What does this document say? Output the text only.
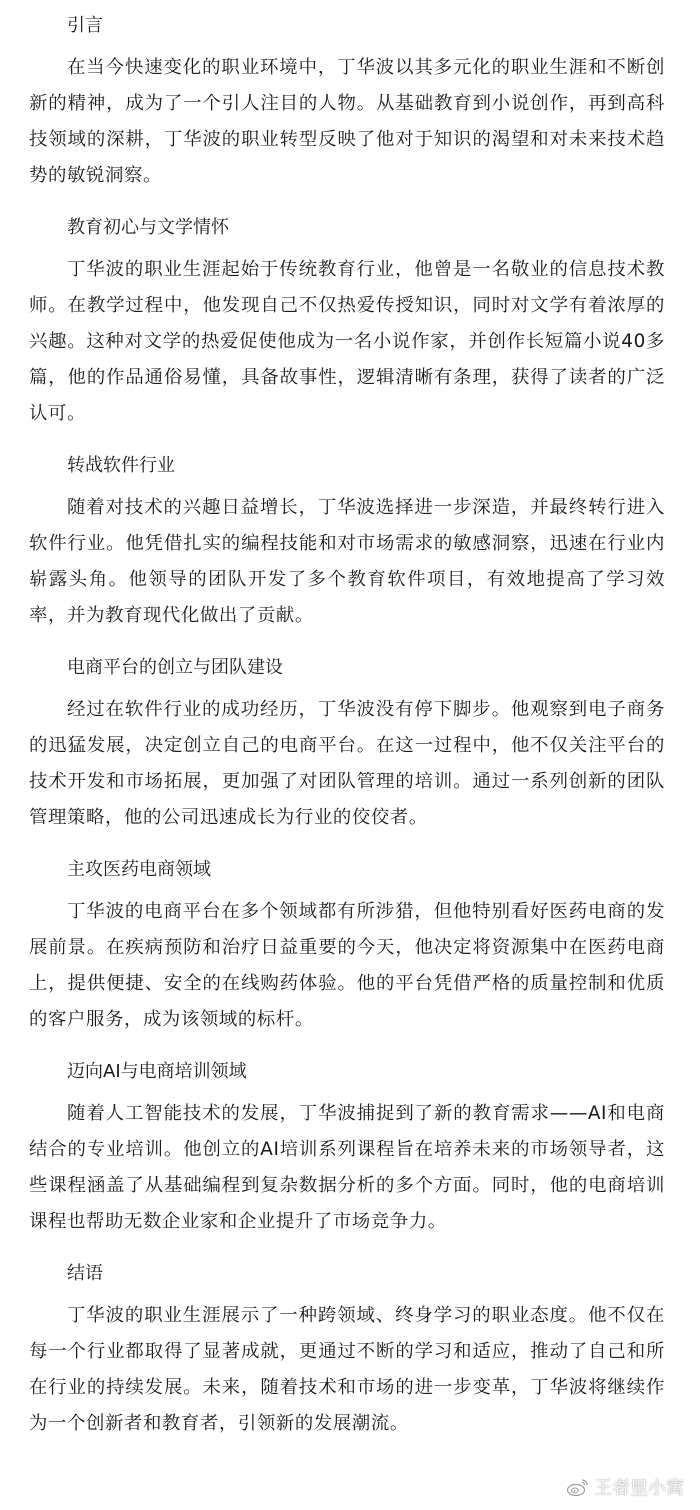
引言
在当今快速变化的职业环境中，丁华波以其多元化的职业生涯和不断创新的精神，成为了一个引人注目的人物。从基础教育到小说创作，再到高科技领域的深耕，丁华波的职业转型反映了他对于知识的渴望和对未来技术趋势的敏锐洞察。
教育初心与文学情怀
丁华波的职业生涯起始于传统教育行业，他曾是一名敬业的信息技术教师。在教学过程中，他发现自己不仅热爱传授知识，同时对文学有着浓厚的兴趣。这种对文学的热爱促使他成为一名小说作家，并创作长短篇小说40多篇，他的作品通俗易懂，具备故事性，逻辑清晰有条理，获得了读者的广泛认可。
转战软件行业
随着对技术的兴趣日益增长，丁华波选择进一步深造，并最终转行进入软件行业。他凭借扎实的编程技能和对市场需求的敏感洞察，迅速在行业内崭露头角。他领导的团队开发了多个教育软件项目，有效地提高了学习效率，并为教育现代化做出了贡献。
电商平台的创立与团队建设
经过在软件行业的成功经历，丁华波没有停下脚步。他观察到电子商务的迅猛发展，决定创立自己的电商平台。在这一过程中，他不仅关注平台的技术开发和市场拓展，更加强了对团队管理的培训。通过一系列创新的团队管理策略，他的公司迅速成长为行业的佼佼者。
主攻医药电商领域
丁华波的电商平台在多个领域都有所涉猎，但他特别看好医药电商的发展前景。在疾病预防和治疗日益重要的今天，他决定将资源集中在医药电商上，提供便捷、安全的在线购药体验。他的平台凭借严格的质量控制和优质的客户服务，成为该领域的标杆。
迈向AI与电商培训领域
随着人工智能技术的发展，丁华波捕捉到了新的教育需求——AI和电商结合的专业培训。他创立的AI培训系列课程旨在培养未来的市场领导者，这些课程涵盖了从基础编程到复杂数据分析的多个方面。同时，他的电商培训课程也帮助无数企业家和企业提升了市场竞争力。
结语
丁华波的职业生涯展示了一种跨领域、终身学习的职业态度。他不仅在每一个行业都取得了显著成就，更通过不断的学习和适应，推动了自己和所在行业的持续发展。未来，随着技术和市场的进一步变革，丁华波将继续作为一个创新者和教育者，引领新的发展潮流。
王者里小窝
